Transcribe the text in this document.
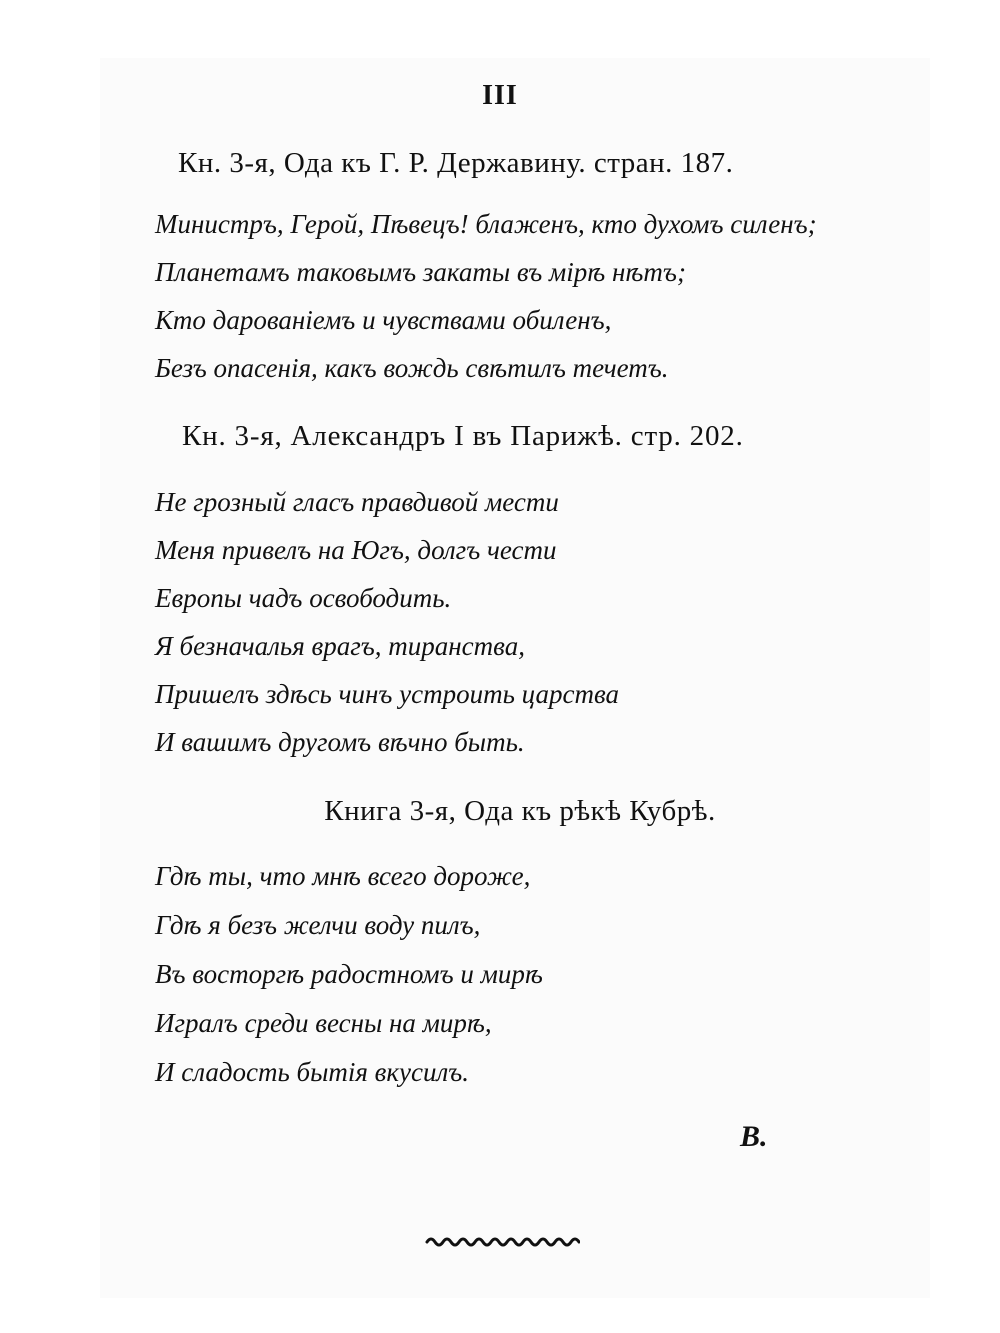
III
Кн. 3-я, Ода къ Г. Р. Державину. стран. 187.
Министръ, Герой, Пѣвецъ! блаженъ, кто духомъ силенъ;
Планетамъ таковымъ закаты въ мiрѣ нѣтъ;
Кто дарованiемъ и чувствами обиленъ,
Безъ опасенiя, какъ вождь свѣтилъ течетъ.
Кн. 3-я, Александръ I въ Парижѣ. стр. 202.
Не грозный гласъ правдивой мести
Меня привелъ на Югъ, долгъ чести
Европы чадъ освободить.
Я безначалья врагъ, тиранства,
Пришелъ здѣсь чинъ устроить царства
И вашимъ другомъ вѣчно быть.
Книга 3-я, Ода къ рѣкѣ Кубрѣ.
Гдѣ ты, что мнѣ всего дороже,
Гдѣ я безъ желчи воду пилъ,
Въ восторгѣ радостномъ и мирѣ
Игралъ среди весны на мирѣ,
И сладость бытiя вкусилъ.
В.
